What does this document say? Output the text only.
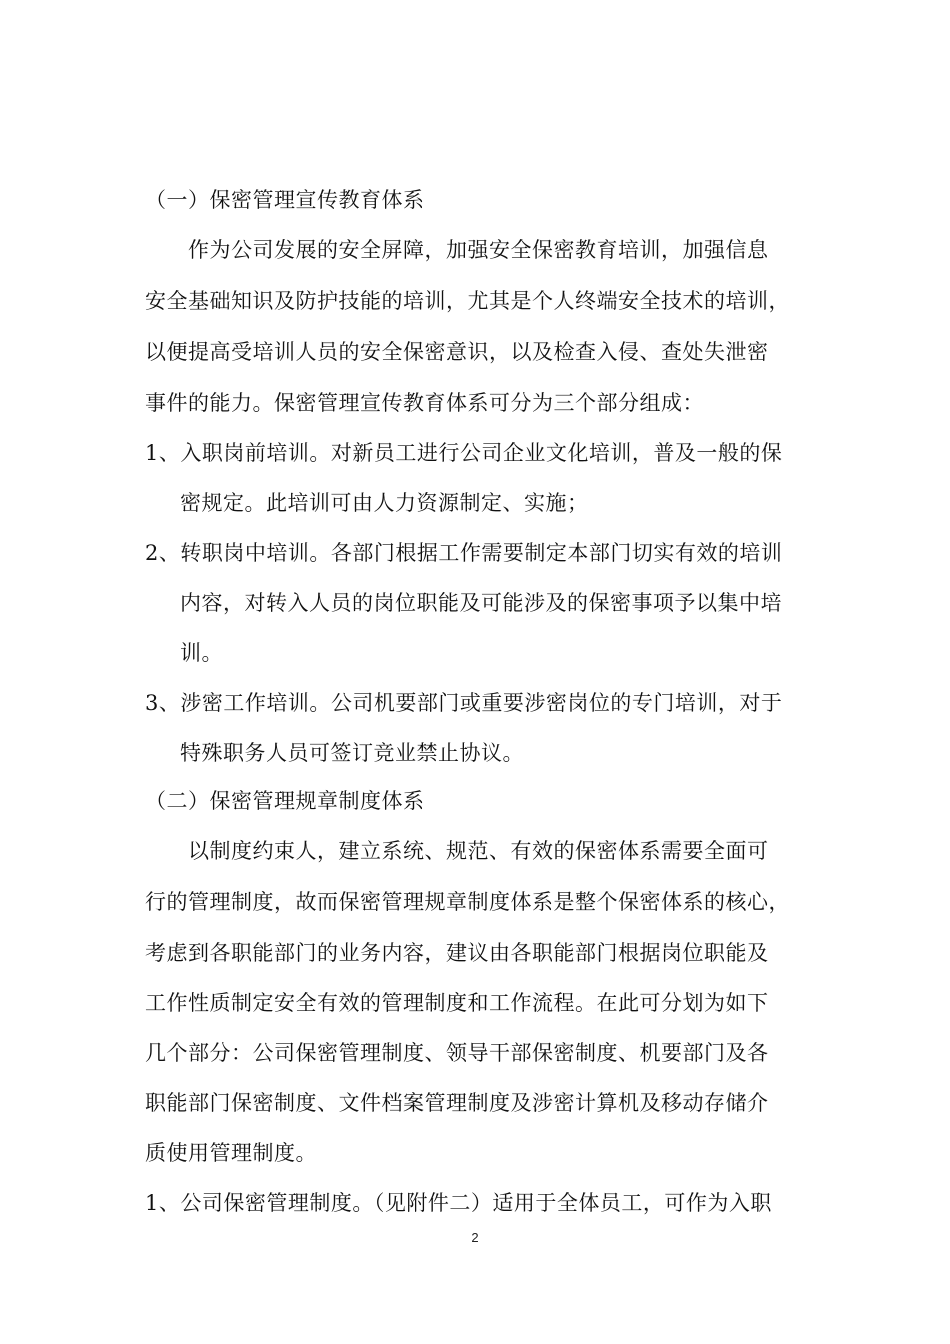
（一）保密管理宣传教育体系
作为公司发展的安全屏障，加强安全保密教育培训，加强信息
安全基础知识及防护技能的培训，尤其是个人终端安全技术的培训，
以便提高受培训人员的安全保密意识，以及检查入侵、查处失泄密
事件的能力。保密管理宣传教育体系可分为三个部分组成：
1、入职岗前培训。对新员工进行公司企业文化培训，普及一般的保
密规定。此培训可由人力资源制定、实施；
2、转职岗中培训。各部门根据工作需要制定本部门切实有效的培训
内容，对转入人员的岗位职能及可能涉及的保密事项予以集中培
训。
3、涉密工作培训。公司机要部门或重要涉密岗位的专门培训，对于
特殊职务人员可签订竞业禁止协议。
（二）保密管理规章制度体系
以制度约束人，建立系统、规范、有效的保密体系需要全面可
行的管理制度，故而保密管理规章制度体系是整个保密体系的核心，
考虑到各职能部门的业务内容，建议由各职能部门根据岗位职能及
工作性质制定安全有效的管理制度和工作流程。在此可分划为如下
几个部分：公司保密管理制度、领导干部保密制度、机要部门及各
职能部门保密制度、文件档案管理制度及涉密计算机及移动存储介
质使用管理制度。
1、公司保密管理制度。（见附件二）适用于全体员工，可作为入职
2
